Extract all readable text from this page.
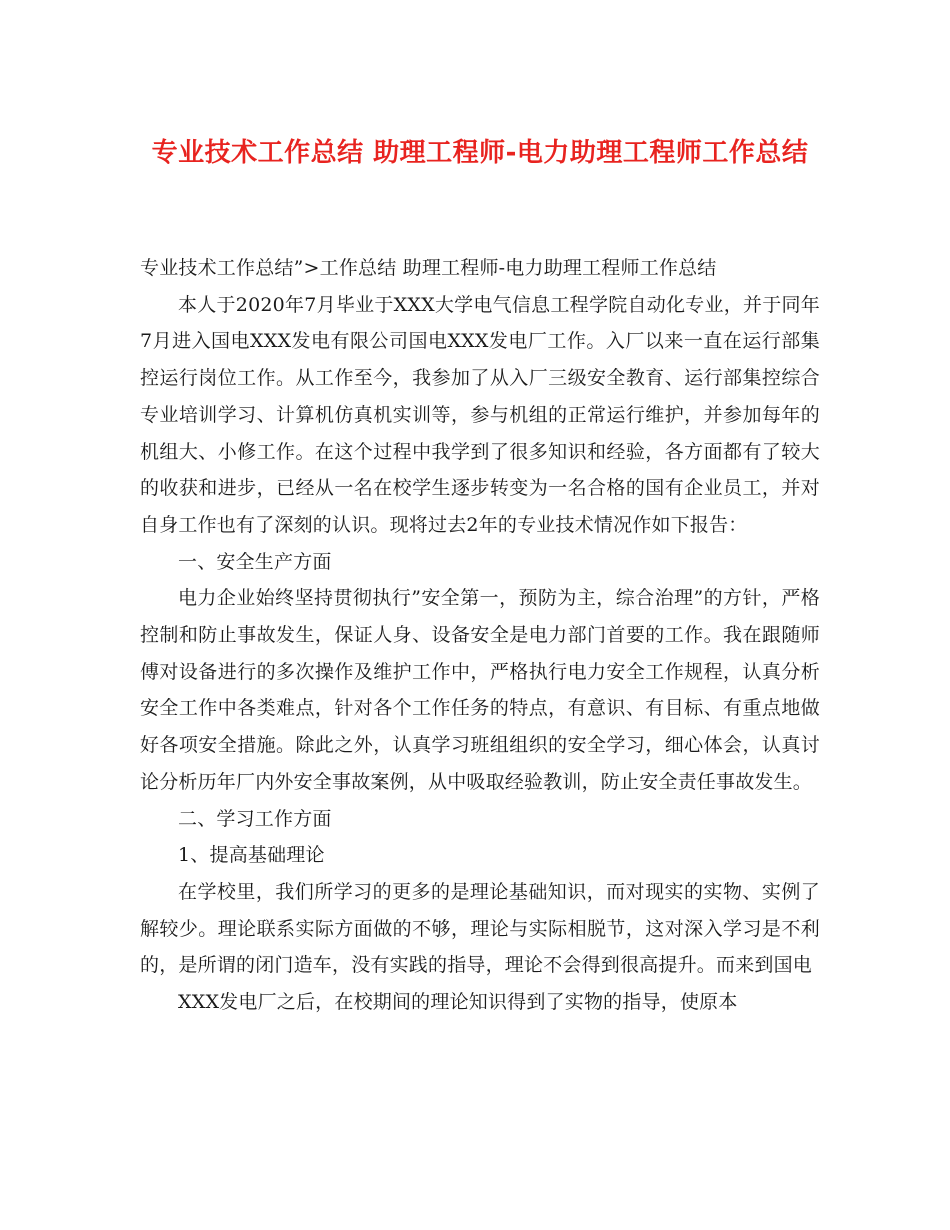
专业技术工作总结 助理工程师-电力助理工程师工作总结

专业技术工作总结”>工作总结 助理工程师-电力助理工程师工作总结

本人于2020年7月毕业于XXX大学电气信息工程学院自动化专业，并于同年7月进入国电XXX发电有限公司国电XXX发电厂工作。入厂以来一直在运行部集控运行岗位工作。从工作至今，我参加了从入厂三级安全教育、运行部集控综合专业培训学习、计算机仿真机实训等，参与机组的正常运行维护，并参加每年的机组大、小修工作。在这个过程中我学到了很多知识和经验，各方面都有了较大的收获和进步，已经从一名在校学生逐步转变为一名合格的国有企业员工，并对自身工作也有了深刻的认识。现将过去2年的专业技术情况作如下报告：

一、安全生产方面

电力企业始终坚持贯彻执行”安全第一，预防为主，综合治理”的方针，严格控制和防止事故发生，保证人身、设备安全是电力部门首要的工作。我在跟随师傅对设备进行的多次操作及维护工作中，严格执行电力安全工作规程，认真分析安全工作中各类难点，针对各个工作任务的特点，有意识、有目标、有重点地做好各项安全措施。除此之外，认真学习班组组织的安全学习，细心体会，认真讨论分析历年厂内外安全事故案例，从中吸取经验教训，防止安全责任事故发生。

二、学习工作方面

1、提高基础理论

在学校里，我们所学习的更多的是理论基础知识，而对现实的实物、实例了解较少。理论联系实际方面做的不够，理论与实际相脱节，这对深入学习是不利的，是所谓的闭门造车，没有实践的指导，理论不会得到很高提升。而来到国电

XXX发电厂之后，在校期间的理论知识得到了实物的指导，使原本
